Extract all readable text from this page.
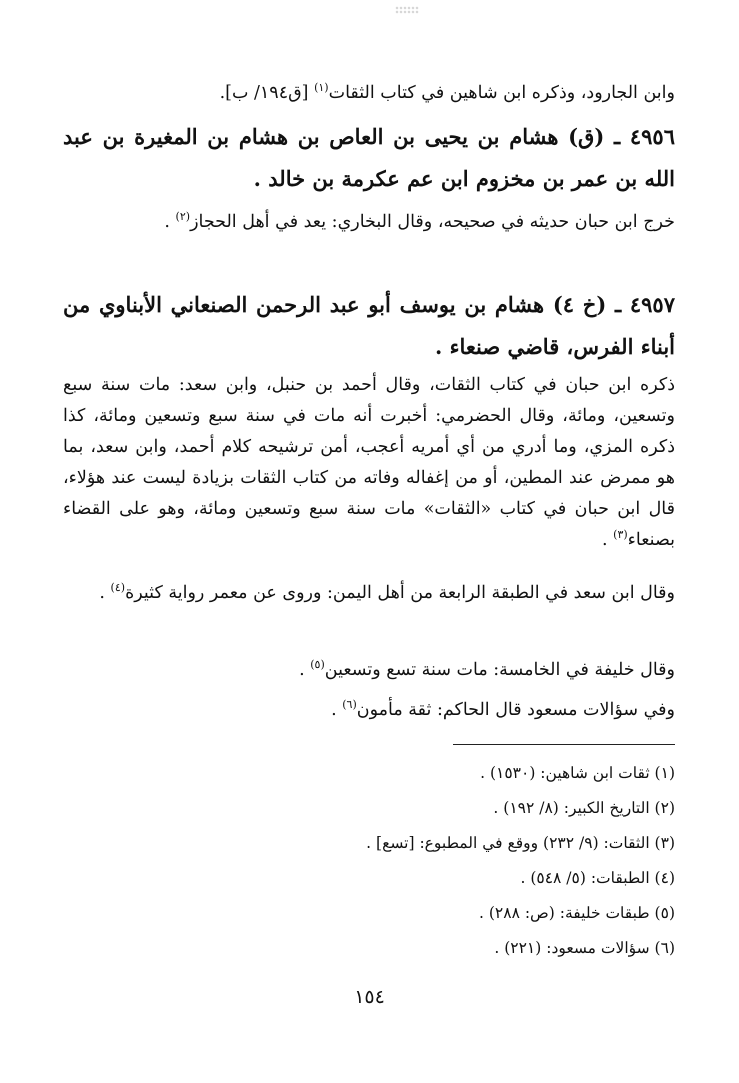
وابن الجارود، وذكره ابن شاهين في كتاب الثقات$^{(١)}$ [ق١٩٤/ ب].

٤٩٥٦ ـ (ق) هشام بن يحيى بن العاص بن هشام بن المغيرة بن عبد الله بن عمر بن مخزوم ابن عم عكرمة بن خالد .

خرج ابن حبان حديثه في صحيحه، وقال البخاري: يعد في أهل الحجاز$^{(٢)}$ .

٤٩٥٧ ـ (خ ٤) هشام بن يوسف أبو عبد الرحمن الصنعاني الأبناوي من أبناء الفرس، قاضي صنعاء .

ذكره ابن حبان في كتاب الثقات، وقال أحمد بن حنبل، وابن سعد: مات سنة سبع وتسعين، ومائة، وقال الحضرمي: أخبرت أنه مات في سنة سبع وتسعين ومائة، كذا ذكره المزي، وما أدري من أي أمريه أعجب، أمن ترشيحه كلام أحمد، وابن سعد، بما هو ممرض عند المطين، أو من إغفاله وفاته من كتاب الثقات بزيادة ليست عند هؤلاء، قال ابن حبان في كتاب «الثقات» مات سنة سبع وتسعين ومائة، وهو على القضاء بصنعاء$^{(٣)}$ .

وقال ابن سعد في الطبقة الرابعة من أهل اليمن: وروى عن معمر رواية كثيرة$^{(٤)}$ .

وقال خليفة في الخامسة: مات سنة تسع وتسعين$^{(٥)}$ .

وفي سؤالات مسعود قال الحاكم: ثقة مأمون$^{(٦)}$ .

(١) ثقات ابن شاهين: (١٥٣٠) .
(٢) التاريخ الكبير: (٨/ ١٩٢) .
(٣) الثقات: (٩/ ٢٣٢) ووقع في المطبوع: [تسع] .
(٤) الطبقات: (٥/ ٥٤٨) .
(٥) طبقات خليفة: (ص: ٢٨٨) .
(٦) سؤالات مسعود: (٢٢١) .
١٥٤
